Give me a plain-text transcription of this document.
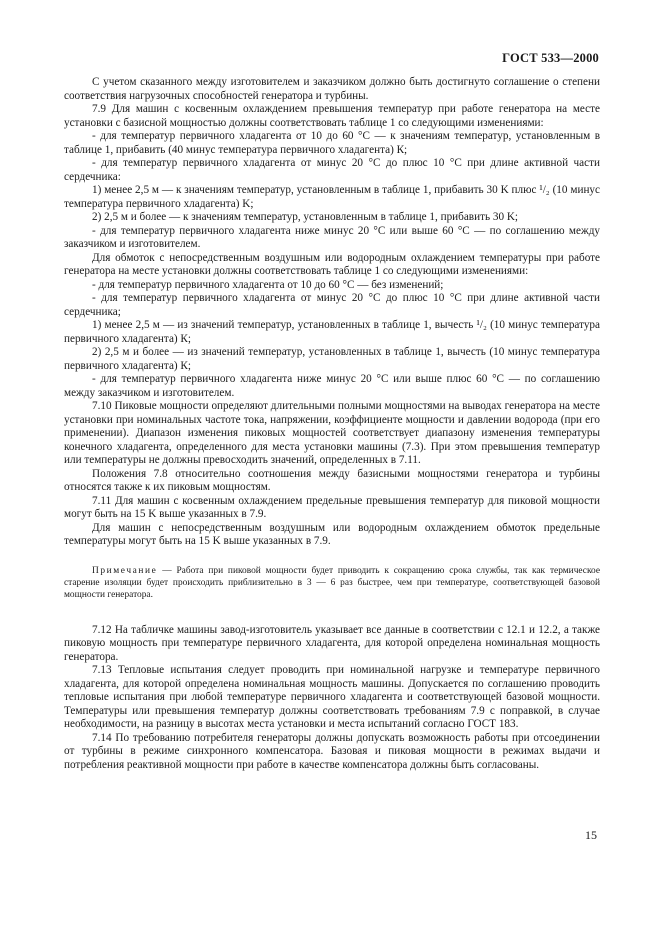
ГОСТ 533—2000

С учетом сказанного между изготовителем и заказчиком должно быть достигнуто соглашение о степени соответствия нагрузочных способностей генератора и турбины.

7.9 Для машин с косвенным охлаждением превышения температур при работе генератора на месте установки с базисной мощностью должны соответствовать таблице 1 со следующими изменениями:

- для температур первичного хладагента от 10 до 60 °С — к значениям температур, установленным в таблице 1, прибавить (40 минус температура первичного хладагента) К;

- для температур первичного хладагента от минус 20 °С до плюс 10 °С при длине активной части сердечника:

1) менее 2,5 м — к значениям температур, установленным в таблице 1, прибавить 30 K плюс ¹/₂ (10 минус температура первичного хладагента) K;

2) 2,5 м и более — к значениям температур, установленным в таблице 1, прибавить 30 K;

- для температур первичного хладагента ниже минус 20 °С или выше 60 °С — по соглашению между заказчиком и изготовителем.

Для обмоток с непосредственным воздушным или водородным охлаждением температуры при работе генератора на месте установки должны соответствовать таблице 1 со следующими изменениями:

- для температур первичного хладагента от 10 до 60 °С — без изменений;

- для температур первичного хладагента от минус 20 °С до плюс 10 °С при длине активной части сердечника;

1) менее 2,5 м — из значений температур, установленных в таблице 1, вычесть ¹/₂ (10 минус температура первичного хладагента) К;

2) 2,5 м и более — из значений температур, установленных в таблице 1, вычесть (10 минус температура первичного хладагента) К;

- для температур первичного хладагента ниже минус 20 °С или выше плюс 60 °С — по соглашению между заказчиком и изготовителем.

7.10 Пиковые мощности определяют длительными полными мощностями на выводах генератора на месте установки при номинальных частоте тока, напряжении, коэффициенте мощности и давлении водорода (при его применении). Диапазон изменения пиковых мощностей соответствует диапазону изменения температуры конечного хладагента, определенного для места установки машины (7.3). При этом превышения температур или температуры не должны превосходить значений, определенных в 7.11.

Положения 7.8 относительно соотношения между базисными мощностями генератора и турбины относятся также к их пиковым мощностям.

7.11 Для машин с косвенным охлаждением предельные превышения температур для пиковой мощности могут быть на 15 K выше указанных в 7.9.

Для машин с непосредственным воздушным или водородным охлаждением обмоток предельные температуры могут быть на 15 K выше указанных в 7.9.

Примечание — Работа при пиковой мощности будет приводить к сокращению срока службы, так как термическое старение изоляции будет происходить приблизительно в 3 — 6 раз быстрее, чем при температуре, соответствующей базовой мощности генератора.

7.12 На табличке машины завод-изготовитель указывает все данные в соответствии с 12.1 и 12.2, а также пиковую мощность при температуре первичного хладагента, для которой определена номинальная мощность генератора.

7.13 Тепловые испытания следует проводить при номинальной нагрузке и температуре первичного хладагента, для которой определена номинальная мощность машины. Допускается по соглашению проводить тепловые испытания при любой температуре первичного хладагента и соответствующей базовой мощности. Температуры или превышения температур должны соответствовать требованиям 7.9 с поправкой, в случае необходимости, на разницу в высотах места установки и места испытаний согласно ГОСТ 183.

7.14 По требованию потребителя генераторы должны допускать возможность работы при отсоединении от турбины в режиме синхронного компенсатора. Базовая и пиковая мощности в режимах выдачи и потребления реактивной мощности при работе в качестве компенсатора должны быть согласованы.

15
